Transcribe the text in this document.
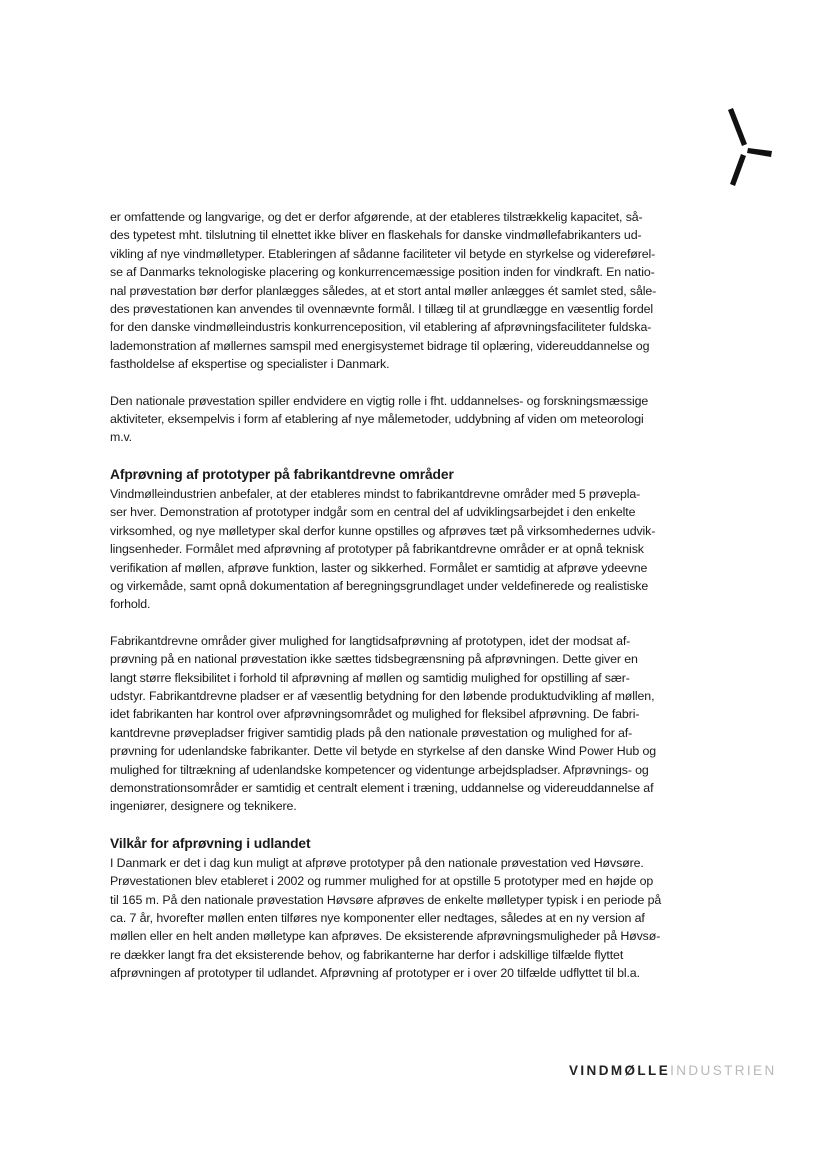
er omfattende og langvarige, og det er derfor afgørende, at der etableres tilstrækkelig kapacitet, så-
des typetest mht. tilslutning til elnettet ikke bliver en flaskehals for danske vindmøllefabrikanters ud-
vikling af nye vindmølletyper. Etableringen af sådanne faciliteter vil betyde en styrkelse og videreførel-
se af Danmarks teknologiske placering og konkurrencemæssige position inden for vindkraft. En natio-
nal prøvestation bør derfor planlægges således, at et stort antal møller anlægges ét samlet sted, såle-
des prøvestationen kan anvendes til ovennævnte formål. I tillæg til at grundlægge en væsentlig fordel
for den danske vindmølleindustris konkurrenceposition, vil etablering af afprøvningsfaciliteter fuldska-
lademonstration af møllernes samspil med energisystemet bidrage til oplæring, videreuddannelse og
fastholdelse af ekspertise og specialister i Danmark.

Den nationale prøvestation spiller endvidere en vigtig rolle i fht. uddannelses- og forskningsmæssige
aktiviteter, eksempelvis i form af etablering af nye målemetoder, uddybning af viden om meteorologi
m.v.

Afprøvning af prototyper på fabrikantdrevne områder

Vindmølleindustrien anbefaler, at der etableres mindst to fabrikantdrevne områder med 5 prøvepla-
ser hver. Demonstration af prototyper indgår som en central del af udviklingsarbejdet i den enkelte
virksomhed, og nye mølletyper skal derfor kunne opstilles og afprøves tæt på virksomhedernes udvik-
lingsenheder. Formålet med afprøvning af prototyper på fabrikantdrevne områder er at opnå teknisk
verifikation af møllen, afprøve funktion, laster og sikkerhed. Formålet er samtidig at afprøve ydeevne
og virkemåde, samt opnå dokumentation af beregningsgrundlaget under veldefinerede og realistiske
forhold.

Fabrikantdrevne områder giver mulighed for langtidsafprøvning af prototypen, idet der modsat af-
prøvning på en national prøvestation ikke sættes tidsbegrænsning på afprøvningen. Dette giver en
langt større fleksibilitet i forhold til afprøvning af møllen og samtidig mulighed for opstilling af sær-
udstyr. Fabrikantdrevne pladser er af væsentlig betydning for den løbende produktudvikling af møllen,
idet fabrikanten har kontrol over afprøvningsområdet og mulighed for fleksibel afprøvning. De fabri-
kantdrevne prøvepladser frigiver samtidig plads på den nationale prøvestation og mulighed for af-
prøvning for udenlandske fabrikanter. Dette vil betyde en styrkelse af den danske Wind Power Hub og
mulighed for tiltrækning af udenlandske kompetencer og videntunge arbejdspladser. Afprøvnings- og
demonstrationsområder er samtidig et centralt element i træning, uddannelse og videreuddannelse af
ingeniører, designere og teknikere.

Vilkår for afprøvning i udlandet

I Danmark er det i dag kun muligt at afprøve prototyper på den nationale prøvestation ved Høvsøre.
Prøvestationen blev etableret i 2002 og rummer mulighed for at opstille 5 prototyper med en højde op
til 165 m. På den nationale prøvestation Høvsøre afprøves de enkelte mølletyper typisk i en periode på
ca. 7 år, hvorefter møllen enten tilføres nye komponenter eller nedtages, således at en ny version af
møllen eller en helt anden mølletype kan afprøves. De eksisterende afprøvningsmuligheder på Høvsø-
re dækker langt fra det eksisterende behov, og fabrikanterne har derfor i adskillige tilfælde flyttet
afprøvningen af prototyper til udlandet. Afprøvning af prototyper er i over 20 tilfælde udflyttet til bl.a.

VINDMØLLEINDUSTRIEN
